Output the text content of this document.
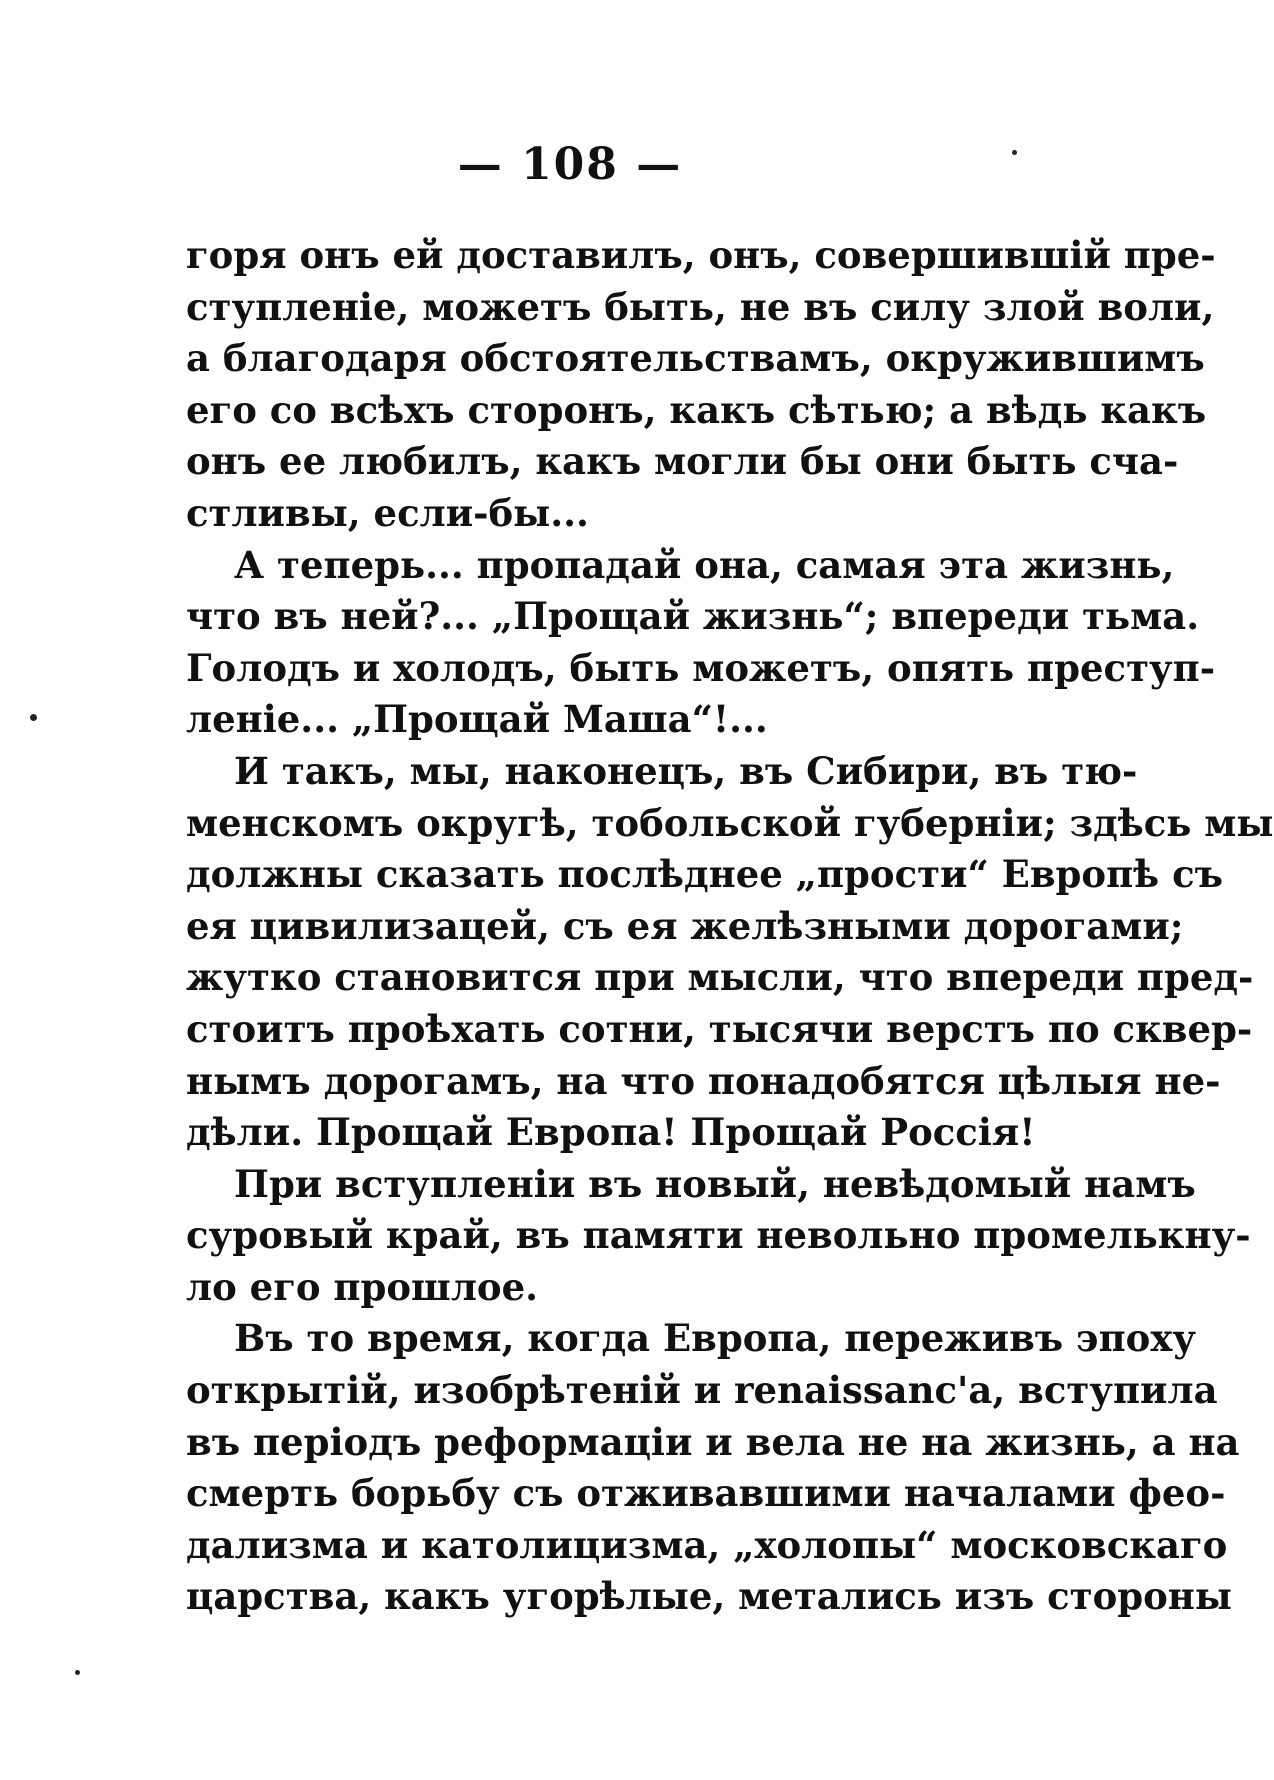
— 108 —
горя онъ ей доставилъ, онъ, совершившій пре-
ступленіе, можетъ быть, не въ силу злой воли,
а благодаря обстоятельствамъ, окружившимъ
его со всѣхъ сторонъ, какъ сѣтью; а вѣдь какъ
онъ ее любилъ, какъ могли бы они быть сча-
стливы, если-бы...
А теперь... пропадай она, самая эта жизнь,
что въ ней?... „Прощай жизнь“; впереди тьма.
Голодъ и холодъ, быть можетъ, опять преступ-
леніе... „Прощай Маша“!...
И такъ, мы, наконецъ, въ Сибири, въ тю-
менскомъ округѣ, тобольской губерніи; здѣсь мы
должны сказать послѣднее „прости“ Европѣ съ
ея цивилизацей, съ ея желѣзными дорогами;
жутко становится при мысли, что впереди пред-
стоитъ проѣхать сотни, тысячи верстъ по сквер-
нымъ дорогамъ, на что понадобятся цѣлыя не-
дѣли. Прощай Европа! Прощай Россія!
При вступленіи въ новый, невѣдомый намъ
суровый край, въ памяти невольно промелькну-
ло его прошлое.
Въ то время, когда Европа, переживъ эпоху
открытій, изобрѣтеній и renaissanc'а, вступила
въ періодъ реформаціи и вела не на жизнь, а на
смерть борьбу съ отживавшими началами фео-
дализма и католицизма, „холопы“ московскаго
царства, какъ угорѣлые, метались изъ стороны
